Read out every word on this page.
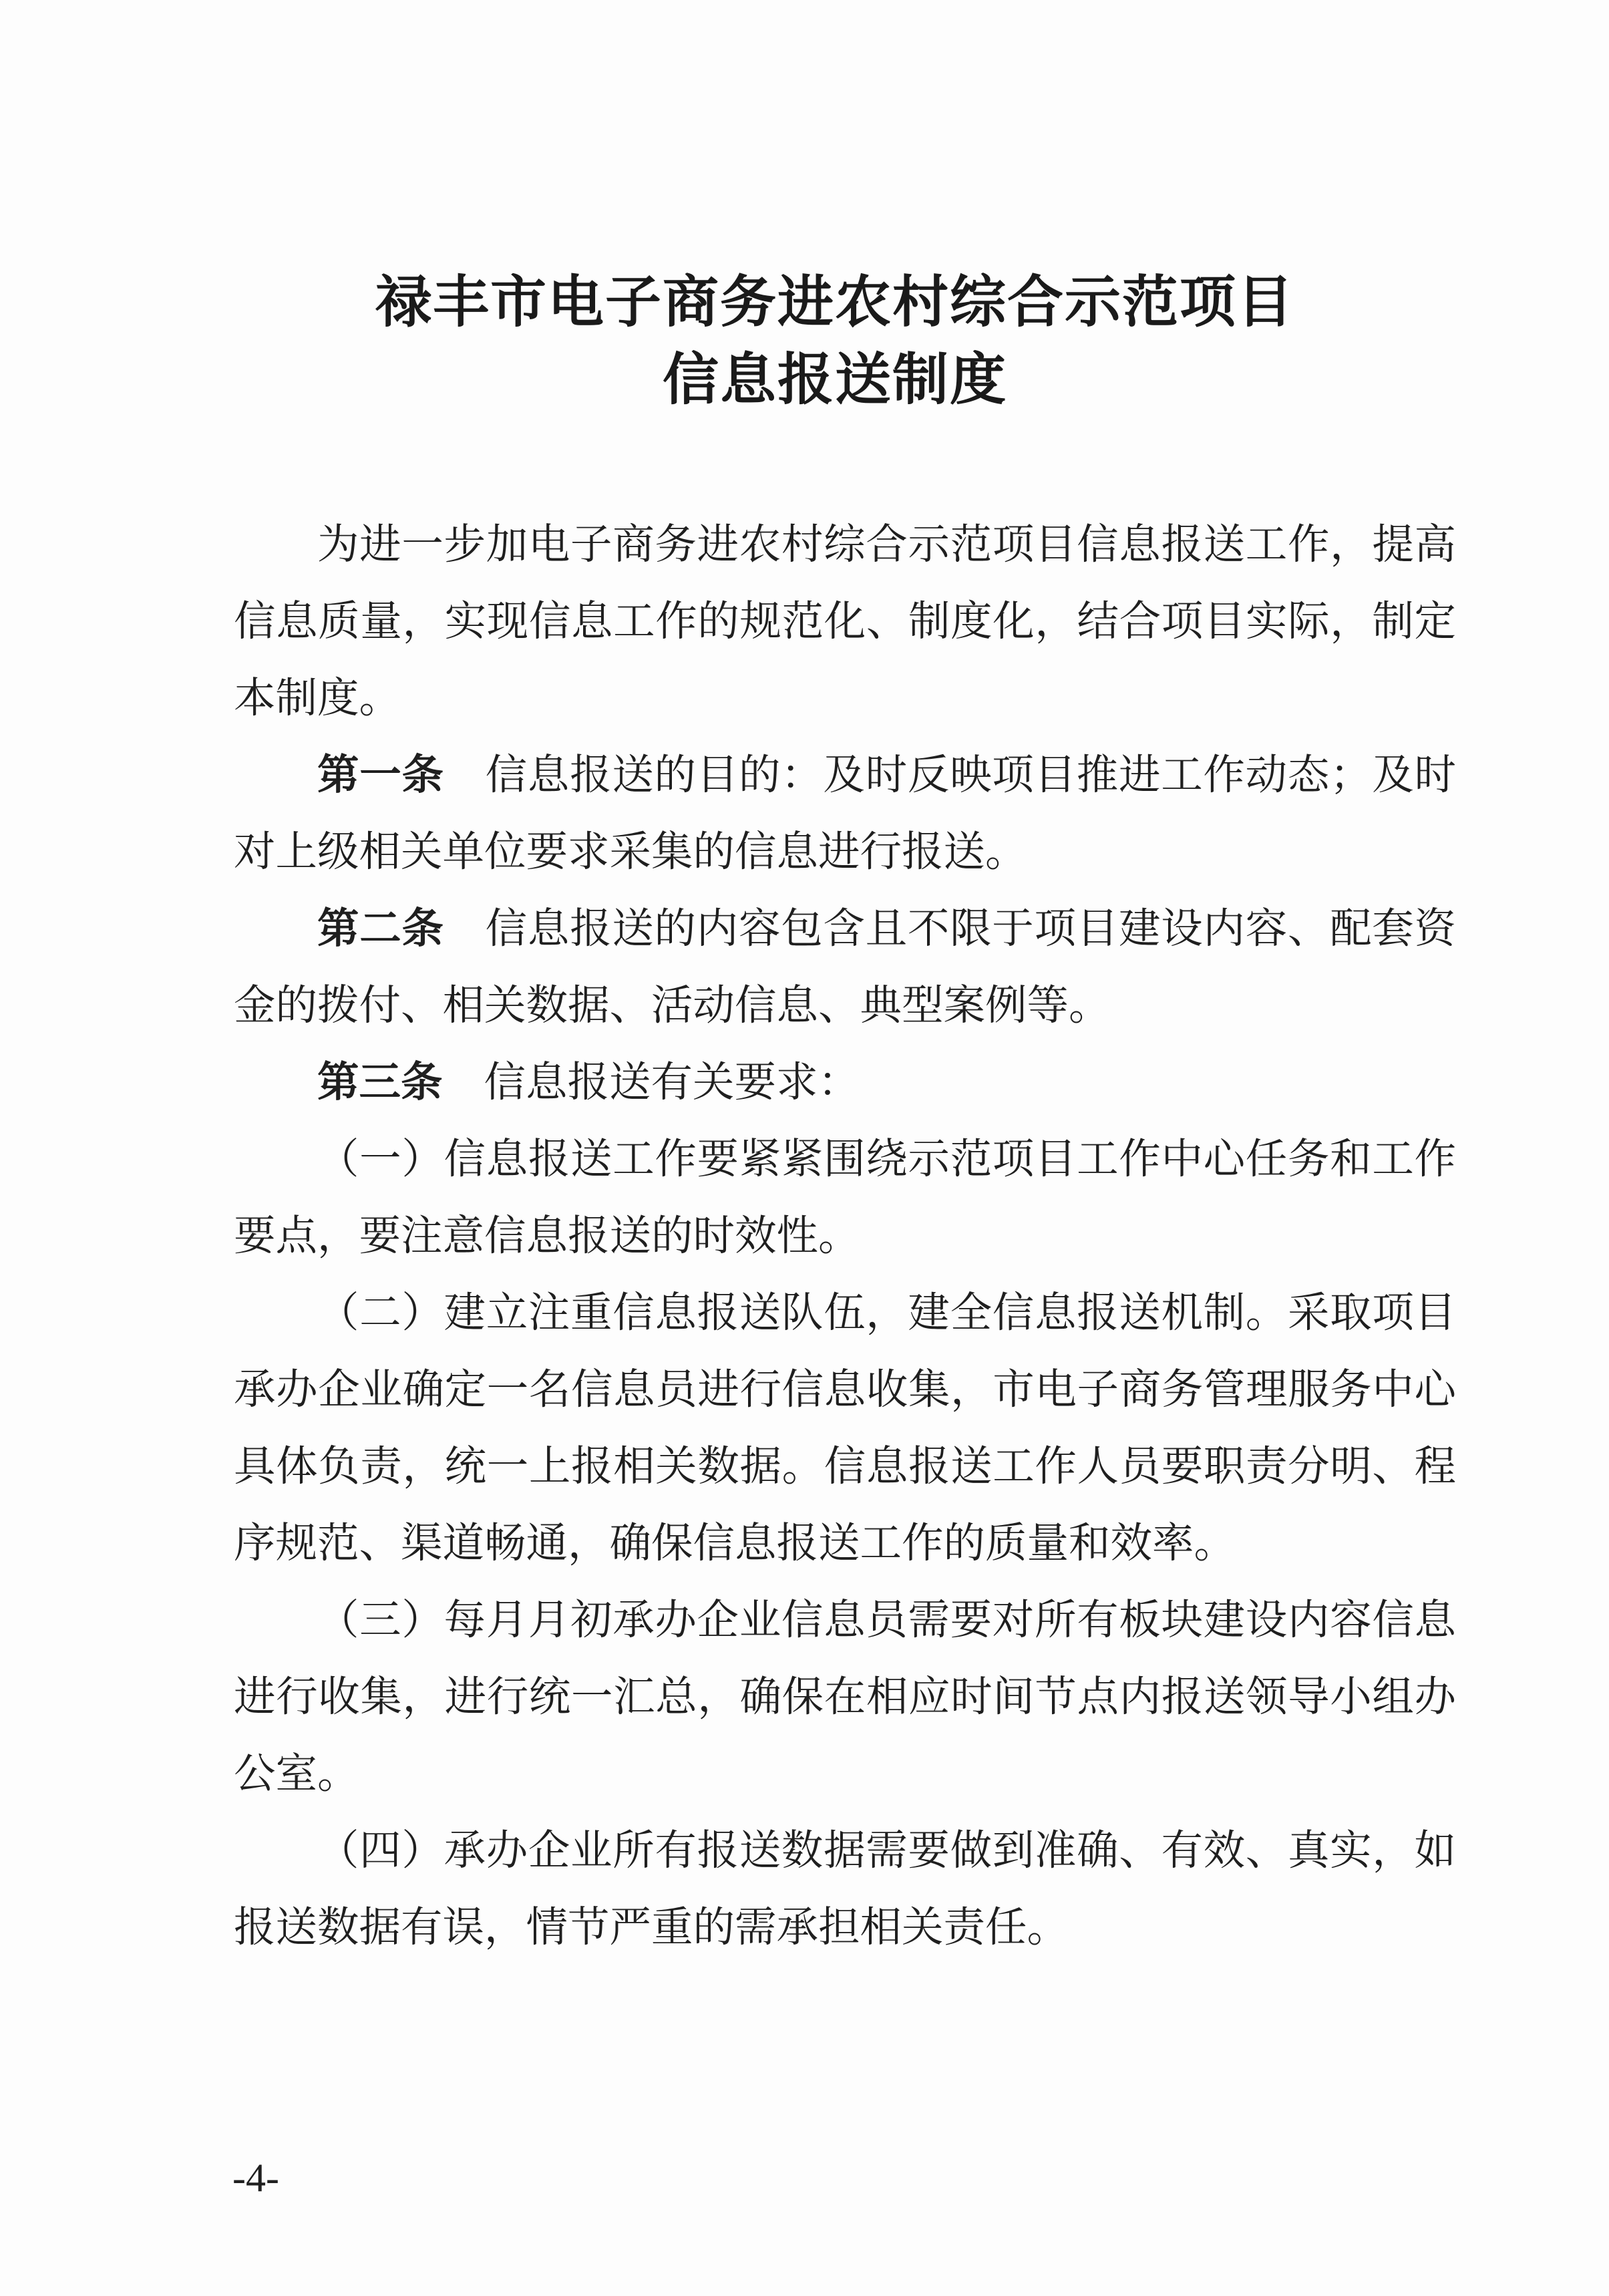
禄丰市电子商务进农村综合示范项目
信息报送制度

为进一步加电子商务进农村综合示范项目信息报送工作，提高信息质量，实现信息工作的规范化、制度化，结合项目实际，制定本制度。

第一条 信息报送的目的：及时反映项目推进工作动态；及时对上级相关单位要求采集的信息进行报送。

第二条 信息报送的内容包含且不限于项目建设内容、配套资金的拨付、相关数据、活动信息、典型案例等。

第三条 信息报送有关要求：

（一）信息报送工作要紧紧围绕示范项目工作中心任务和工作要点，要注意信息报送的时效性。

（二）建立注重信息报送队伍，建全信息报送机制。采取项目承办企业确定一名信息员进行信息收集，市电子商务管理服务中心具体负责，统一上报相关数据。信息报送工作人员要职责分明、程序规范、渠道畅通，确保信息报送工作的质量和效率。

（三）每月月初承办企业信息员需要对所有板块建设内容信息进行收集，进行统一汇总，确保在相应时间节点内报送领导小组办公室。

（四）承办企业所有报送数据需要做到准确、有效、真实，如报送数据有误，情节严重的需承担相关责任。

-4-
